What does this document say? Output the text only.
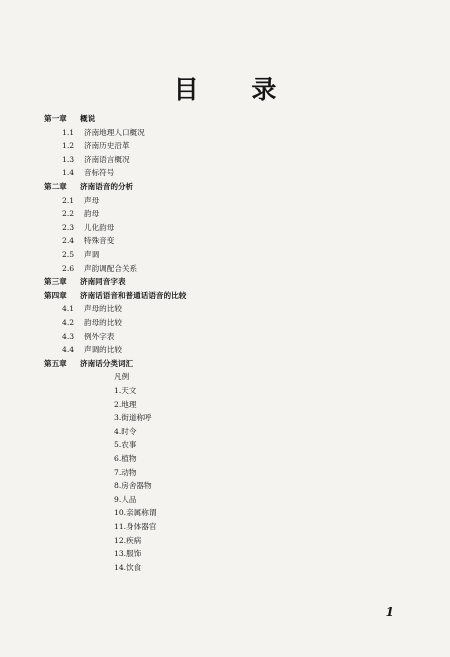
目 录
第一章 概说
1.1 济南地理人口概况
1.2 济南历史沿革
1.3 济南语言概况
1.4 音标符号
第二章 济南语音的分析
2.1 声母
2.2 韵母
2.3 儿化韵母
2.4 特殊音变
2.5 声调
2.6 声韵调配合关系
第三章 济南同音字表
第四章 济南话语音和普通话语音的比较
4.1 声母的比较
4.2 韵母的比较
4.3 例外字表
4.4 声调的比较
第五章 济南话分类词汇
凡例
1.天文
2.地理
3.街道称呼
4.时令
5.农事
6.植物
7.动物
8.房舍器物
9.人品
10.亲属称谓
11.身体器官
12.疾病
13.服饰
14.饮食
1
